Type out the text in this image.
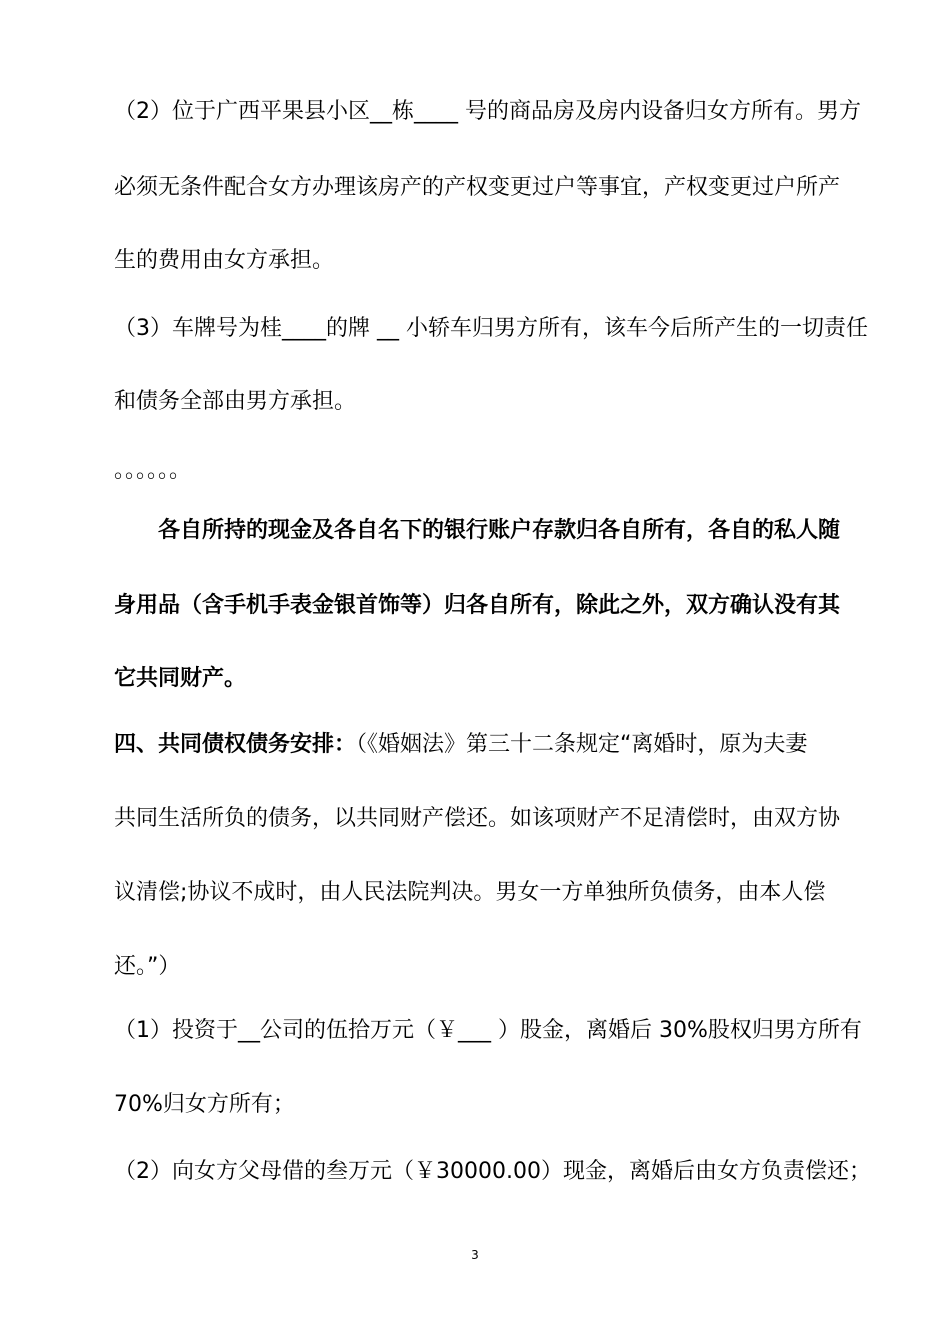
（2）位于广西平果县小区__栋____ 号的商品房及房内设备归女方所有。男方
必须无条件配合女方办理该房产的产权变更过户等事宜，产权变更过户所产
生的费用由女方承担。
（3）车牌号为桂____的牌 __ 小轿车归男方所有，该车今后所产生的一切责任
和债务全部由男方承担。
。。。。。。
各自所持的现金及各自名下的银行账户存款归各自所有，各自的私人随
身用品（含手机手表金银首饰等）归各自所有，除此之外，双方确认没有其
它共同财产。
四、共同债权债务安排：（《婚姻法》第三十二条规定“离婚时，原为夫妻
共同生活所负的债务，以共同财产偿还。如该项财产不足清偿时，由双方协
议清偿;协议不成时，由人民法院判决。男女一方单独所负债务，由本人偿
还。”）
（1）投资于__公司的伍拾万元（￥___ ）股金，离婚后 30%股权归男方所有
70%归女方所有；
（2）向女方父母借的叁万元（￥30000.00）现金，离婚后由女方负责偿还；
3
